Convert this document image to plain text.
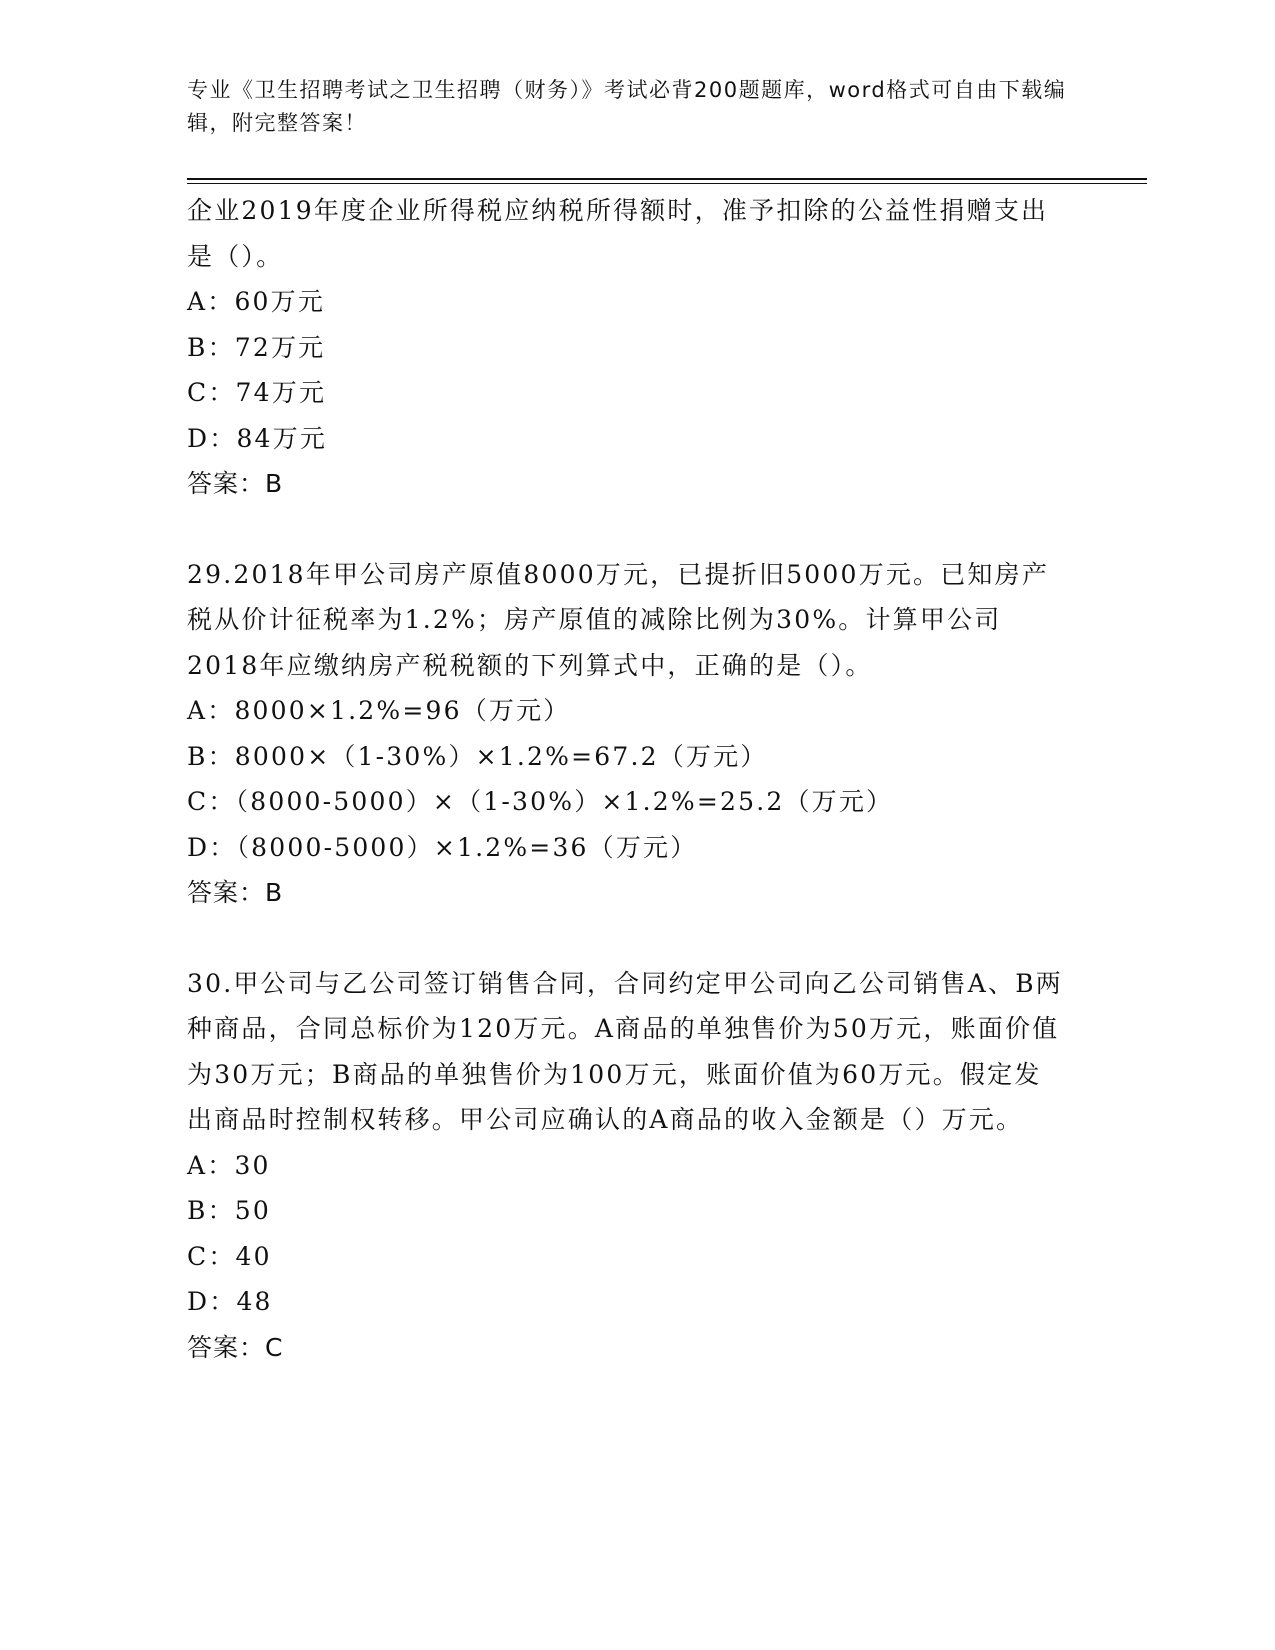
专业《卫生招聘考试之卫生招聘（财务）》考试必背200题题库，word格式可自由下载编辑，附完整答案！

企业2019年度企业所得税应纳税所得额时，准予扣除的公益性捐赠支出是（）。

A：60万元

B：72万元

C：74万元

D：84万元

答案：B

29.2018年甲公司房产原值8000万元，已提折旧5000万元。已知房产税从价计征税率为1.2%；房产原值的减除比例为30%。计算甲公司2018年应缴纳房产税税额的下列算式中，正确的是（）。

A：8000×1.2%=96（万元）

B：8000×（1-30%）×1.2%=67.2（万元）

C：（8000-5000）×（1-30%）×1.2%=25.2（万元）

D：（8000-5000）×1.2%=36（万元）

答案：B

30.甲公司与乙公司签订销售合同，合同约定甲公司向乙公司销售A、B两种商品，合同总标价为120万元。A商品的单独售价为50万元，账面价值为30万元；B商品的单独售价为100万元，账面价值为60万元。假定发出商品时控制权转移。甲公司应确认的A商品的收入金额是（）万元。

A：30

B：50

C：40

D：48

答案：C
